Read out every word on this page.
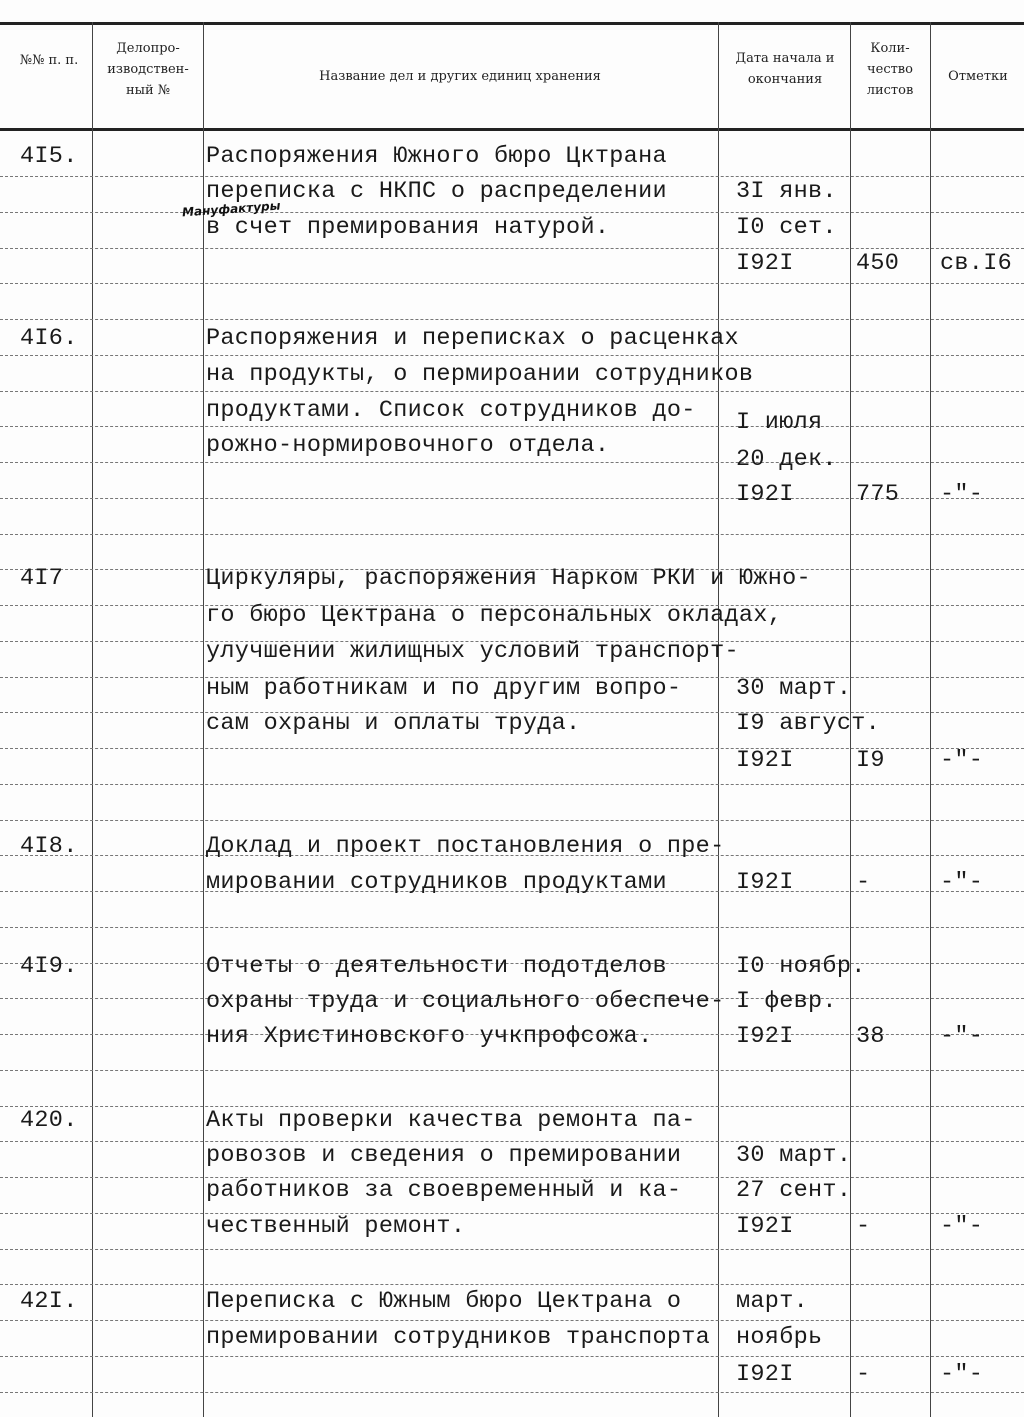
№№ п. п.
Делопро- изводствен- ный №
Название дел и других единиц хранения
Дата начала и окончания
Коли- чество листов
Отметки
4I5.	Распоряжения Южного бюро Цктрана
переписка с НКПС о распределении
в счет премирования натурой.
3I янв.
I0 сет.
I92I	450 св.I6
Мануфактуры
4I6.	Распоряжения и переписках о расценках
на продукты, о пермироании сотрудников
продуктами. Список сотрудников до-
рожно-нормировочного отдела.
I июля
20 дек.
I92I	775 -"-
4I7	Циркуляры, распоряжения Нарком РКИ и Южно-
го бюро Цектрана о персональных окладах,
улучшении жилищных условий транспорт-
ным работникам и по другим вопро-
сам охраны и оплаты труда.
30 март.
I9 август.
I92I	I9 -"-
4I8.	Доклад и проект постановления о пре-
мировании сотрудников продуктами	I92I	-	-"-
4I9.	Отчеты о деятельности подотделов
охраны труда и социального обеспече-
ния Христиновского учкпрофсожа.
I0 ноябр.
I февр.
I92I	38 -"-
420.	Акты проверки качества ремонта па-
ровозов и сведения о премировании
работников за своевременный и ка-
чественный ремонт.
30 март.
27 сент.
I92I	-	-"-
42I.	Переписка с Южным бюро Цектрана о
премировании сотрудников транспорта
март.
ноябрь
I92I	-	-"-
